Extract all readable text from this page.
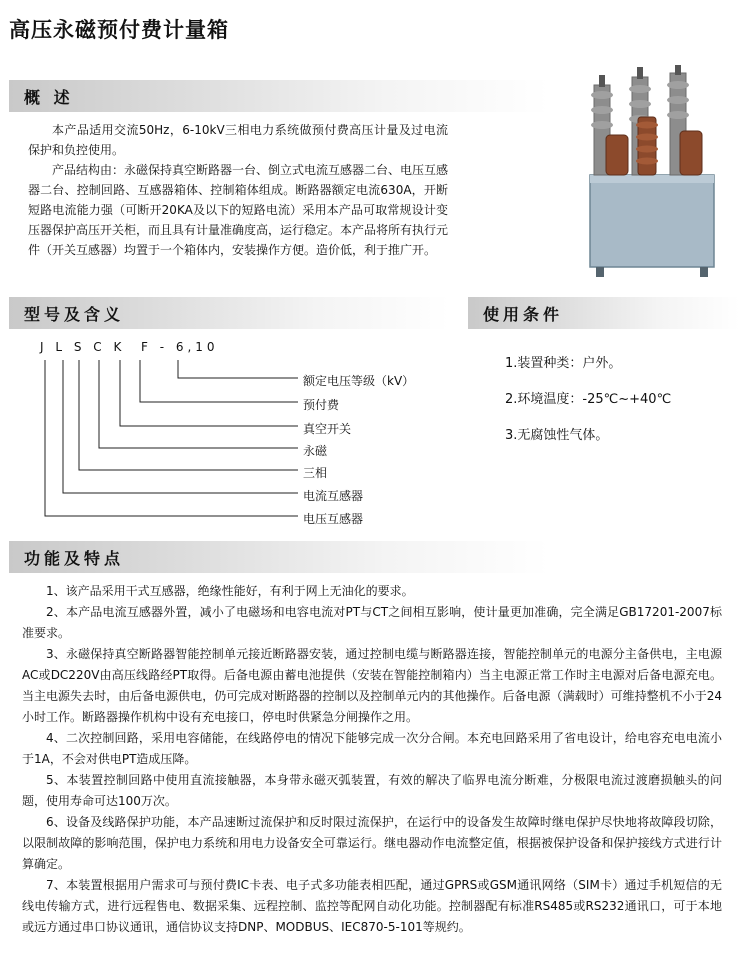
高压永磁预付费计量箱
概 述

本产品适用交流50Hz，6-10kV三相电力系统做预付费高压计量及过电流保护和负控使用。

产品结构由：永磁保持真空断路器一台、倒立式电流互感器二台、电压互感器二台、控制回路、互感器箱体、控制箱体组成。断路器额定电流630A，开断短路电流能力强（可断开20KA及以下的短路电流）采用本产品可取常规设计变压器保护高压开关柜，而且具有计量准确度高，运行稳定。本产品将所有执行元件（开关互感器）均置于一个箱体内，安装操作方便。造价低，利于推广开。

型号及含义	使用条件

J L S C K  F - 6,10

额定电压等级（kV）

预付费

真空开关

永磁

三相

电流互感器

电压互感器

1.装置种类：户外。

2.环境温度：-25℃~+40℃

3.无腐蚀性气体。

功能及特点

1、该产品采用干式互感器，绝缘性能好，有利于网上无油化的要求。

2、本产品电流互感器外置，减小了电磁场和电容电流对PT与CT之间相互影响，使计量更加准确，完全满足GB17201-2007标准要求。

3、永磁保持真空断路器智能控制单元接近断路器安装，通过控制电缆与断路器连接，智能控制单元的电源分主备供电，主电源AC或DC220V由高压线路经PT取得。后备电源由蓄电池提供（安装在智能控制箱内）当主电源正常工作时主电源对后备电源充电。当主电源失去时，由后备电源供电，仍可完成对断路器的控制以及控制单元内的其他操作。后备电源（满载时）可维持整机不小于24小时工作。断路器操作机构中设有充电接口，停电时供紧急分闸操作之用。

4、二次控制回路，采用电容储能，在线路停电的情况下能够完成一次分合闸。本充电回路采用了省电设计，给电容充电电流小于1A，不会对供电PT造成压降。

5、本装置控制回路中使用直流接触器，本身带永磁灭弧装置，有效的解决了临界电流分断难，分极限电流过渡磨损触头的问题，使用寿命可达100万次。

6、设备及线路保护功能，本产品速断过流保护和反时限过流保护，在运行中的设备发生故障时继电保护尽快地将故障段切除，以限制故障的影响范围，保护电力系统和用电力设备安全可靠运行。继电器动作电流整定值，根据被保护设备和保护接线方式进行计算确定。

7、本装置根据用户需求可与预付费IC卡表、电子式多功能表相匹配，通过GPRS或GSM通讯网络（SIM卡）通过手机短信的无线电传输方式，进行远程售电、数据采集、远程控制、监控等配网自动化功能。控制器配有标准RS485或RS232通讯口，可于本地或远方通过串口协议通讯，通信协议支持DNP、MODBUS、IEC870-5-101等规约。
